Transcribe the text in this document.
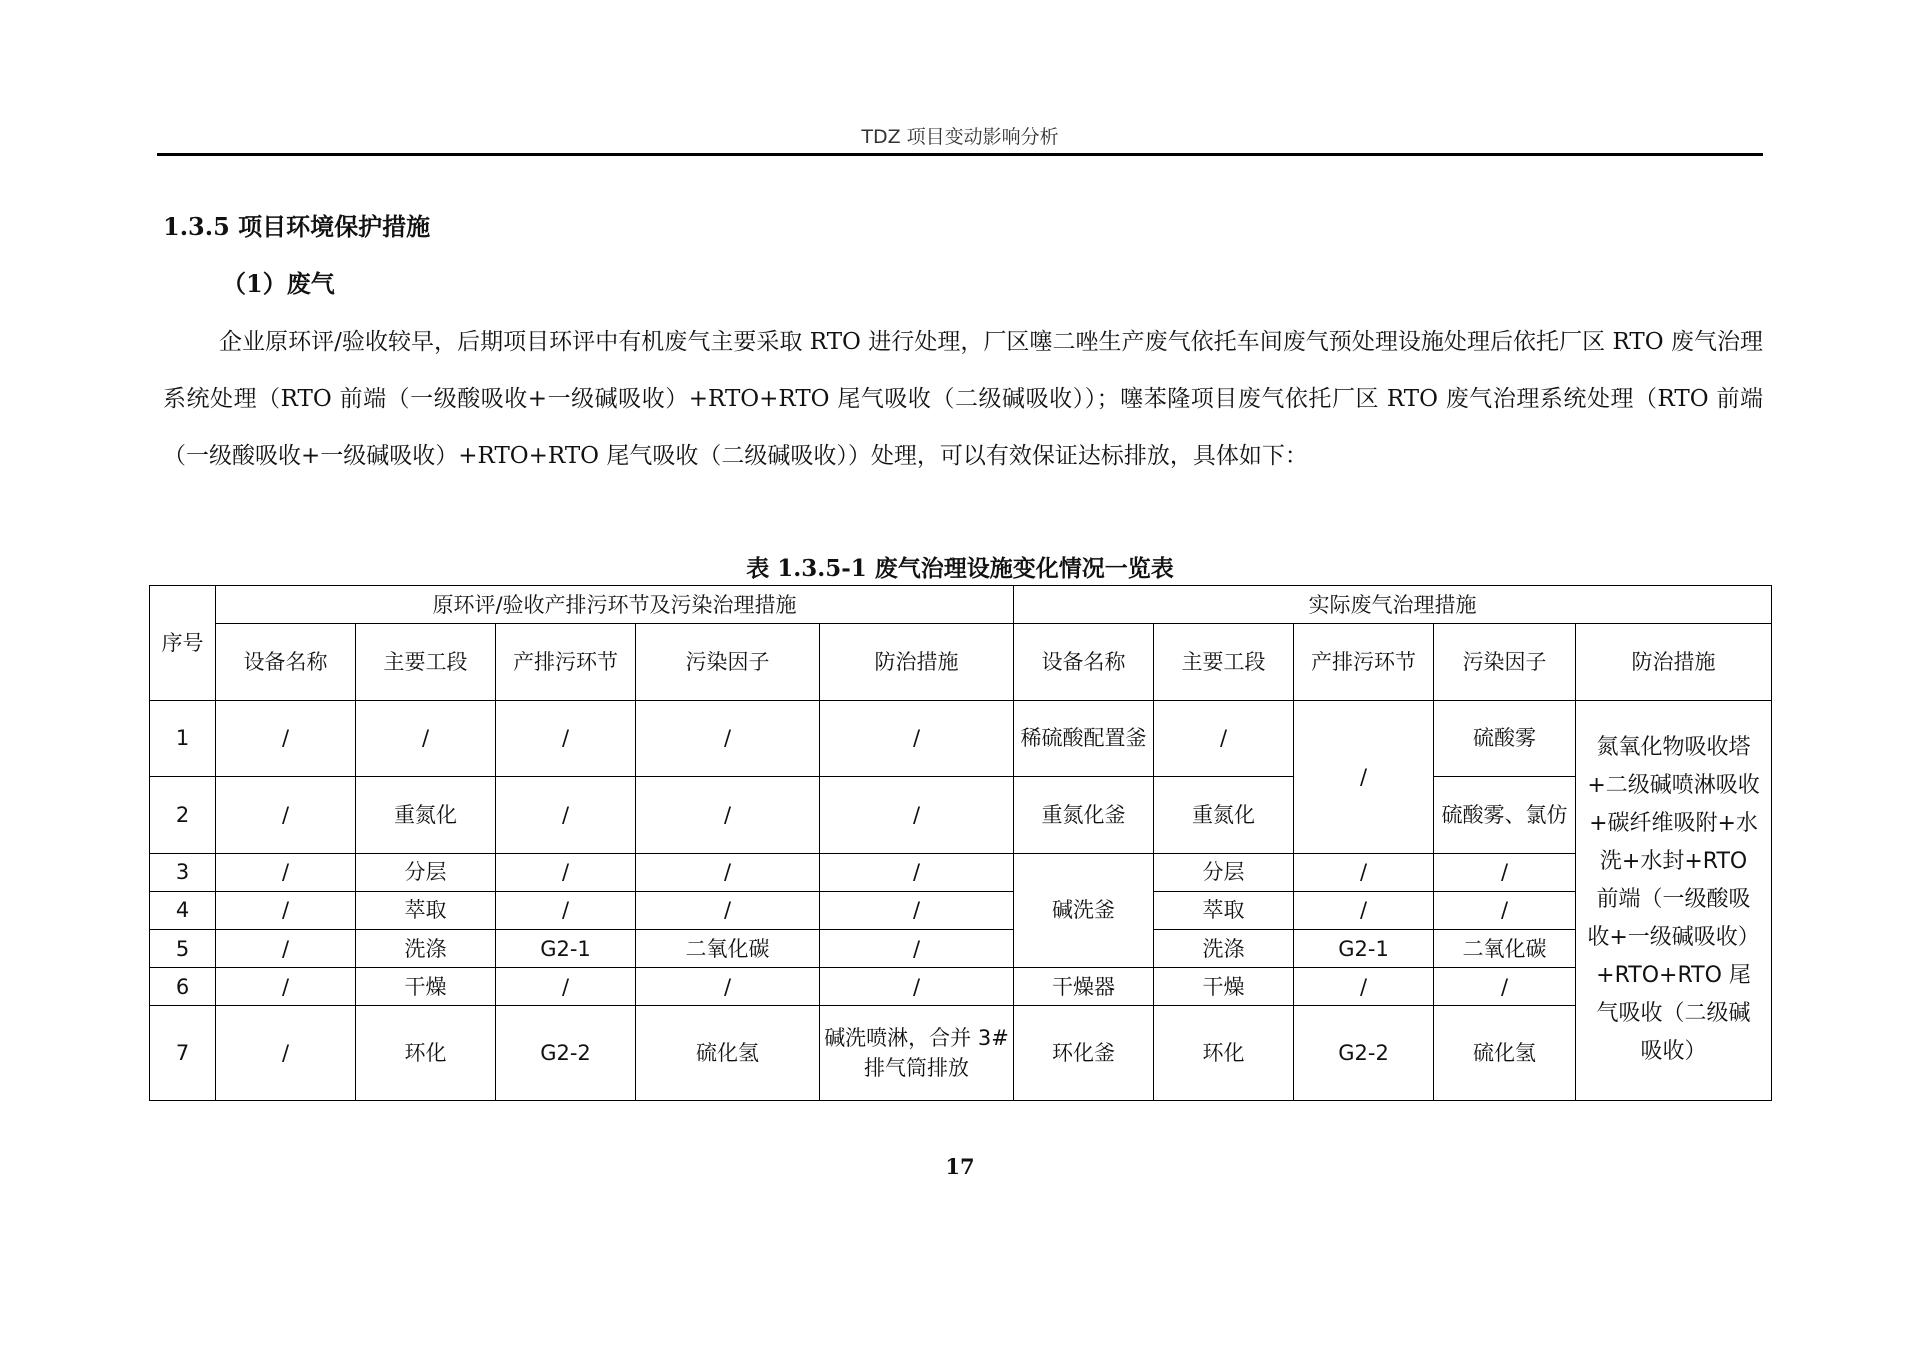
TDZ 项目变动影响分析
1.3.5 项目环境保护措施
（1）废气
企业原环评/验收较早，后期项目环评中有机废气主要采取 RTO 进行处理，厂区噻二唑生产废气依托车间废气预处理设施处理后依托厂区 RTO 废气治理系统处理（RTO 前端（一级酸吸收+一级碱吸收）+RTO+RTO 尾气吸收（二级碱吸收））；噻苯隆项目废气依托厂区 RTO 废气治理系统处理（RTO 前端（一级酸吸收+一级碱吸收）+RTO+RTO 尾气吸收（二级碱吸收））处理，可以有效保证达标排放，具体如下：
表 1.3.5-1 废气治理设施变化情况一览表
序号	原环评/验收产排污环节及污染治理措施					实际废气治理措施				
	设备名称	主要工段	产排污环节	污染因子	防治措施	设备名称	主要工段	产排污环节	污染因子	防治措施
1	/	/	/	/	/	稀硫酸配置釜	/	/	硫酸雾	氮氧化物吸收塔+二级碱喷淋吸收+碳纤维吸附+水洗+水封+RTO 前端（一级酸吸收+一级碱吸收）+RTO+RTO 尾气吸收（二级碱吸收）
2	/	重氮化	/	/	/	重氮化釜	重氮化		硫酸雾、氯仿	
3	/	分层	/	/	/	碱洗釜	分层	/	/	
4	/	萃取	/	/	/		萃取	/	/	
5	/	洗涤	G2-1	二氧化碳	/		洗涤	G2-1	二氧化碳	
6	/	干燥	/	/	/	干燥器	干燥	/	/	
7	/	环化	G2-2	硫化氢	碱洗喷淋，合并 3# 排气筒排放	环化釜	环化	G2-2	硫化氢	
17
